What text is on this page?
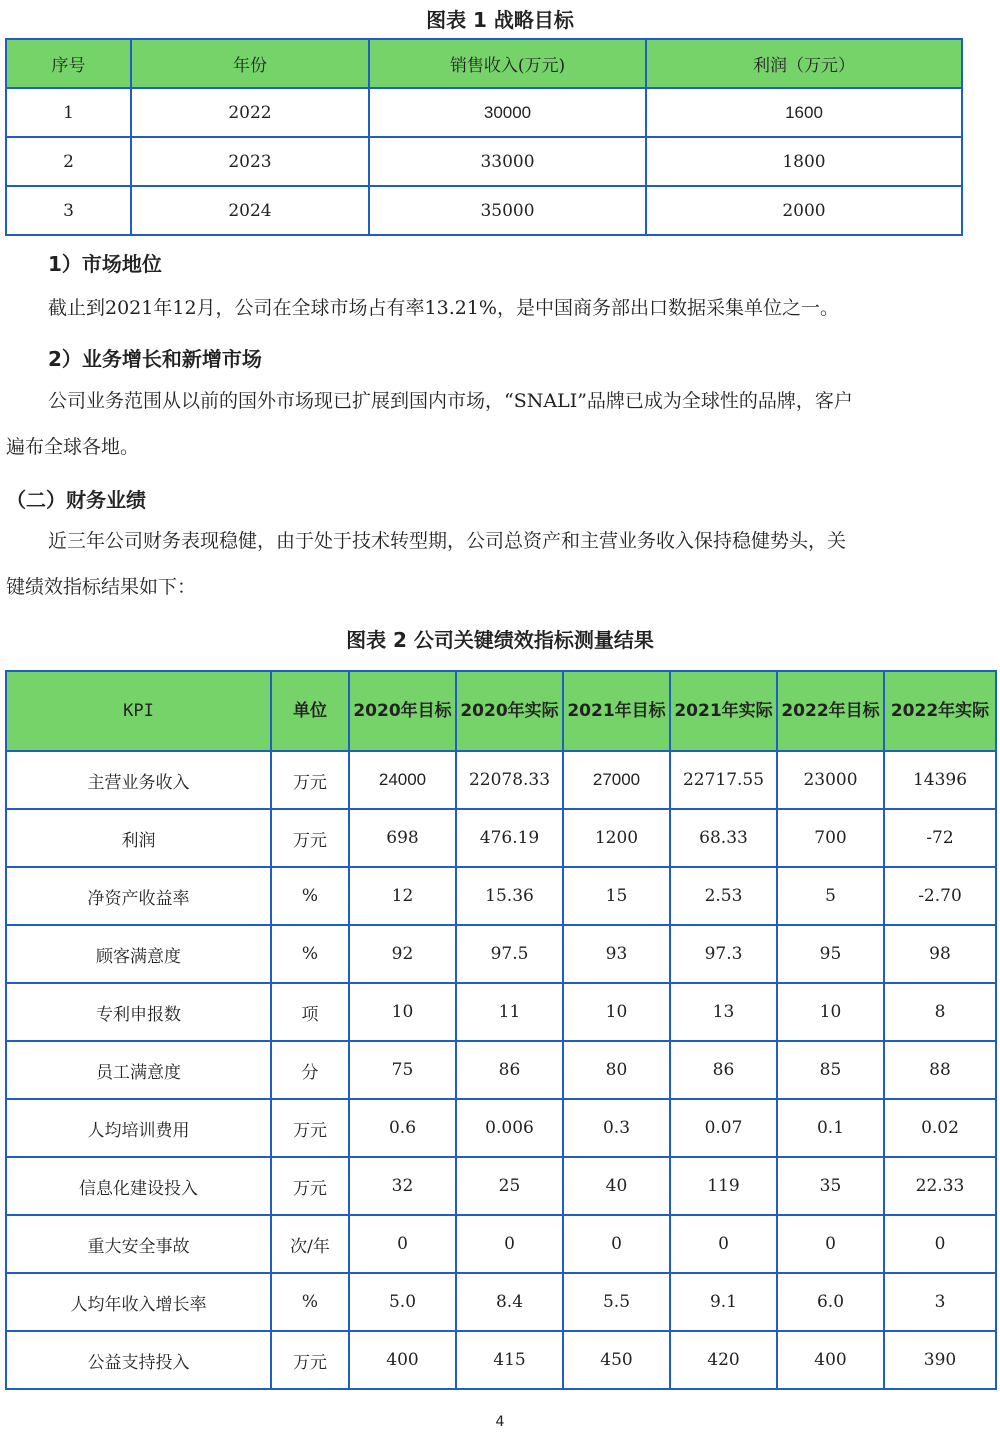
图表 1 战略目标
序号	年份	销售收入(万元)	利润（万元）
1	2022	30000	1600
2	2023	33000	1800
3	2024	35000	2000
1）市场地位
截止到2021年12月，公司在全球市场占有率13.21%，是中国商务部出口数据采集单位之一。
2）业务增长和新增市场
公司业务范围从以前的国外市场现已扩展到国内市场，“SNALI”品牌已成为全球性的品牌，客户
遍布全球各地。
（二）财务业绩
近三年公司财务表现稳健，由于处于技术转型期，公司总资产和主营业务收入保持稳健势头，关
键绩效指标结果如下：
图表 2 公司关键绩效指标测量结果
KPI	单位	2020年目标	2020年实际	2021年目标	2021年实际	2022年目标	2022年实际
主营业务收入	万元	24000	22078.33	27000	22717.55	23000	14396
利润	万元	698	476.19	1200	68.33	700	-72
净资产收益率	%	12	15.36	15	2.53	5	-2.70
顾客满意度	%	92	97.5	93	97.3	95	98
专利申报数	项	10	11	10	13	10	8
员工满意度	分	75	86	80	86	85	88
人均培训费用	万元	0.6	0.006	0.3	0.07	0.1	0.02
信息化建设投入	万元	32	25	40	119	35	22.33
重大安全事故	次/年	0	0	0	0	0	0
人均年收入增长率	%	5.0	8.4	5.5	9.1	6.0	3
公益支持投入	万元	400	415	450	420	400	390
4
